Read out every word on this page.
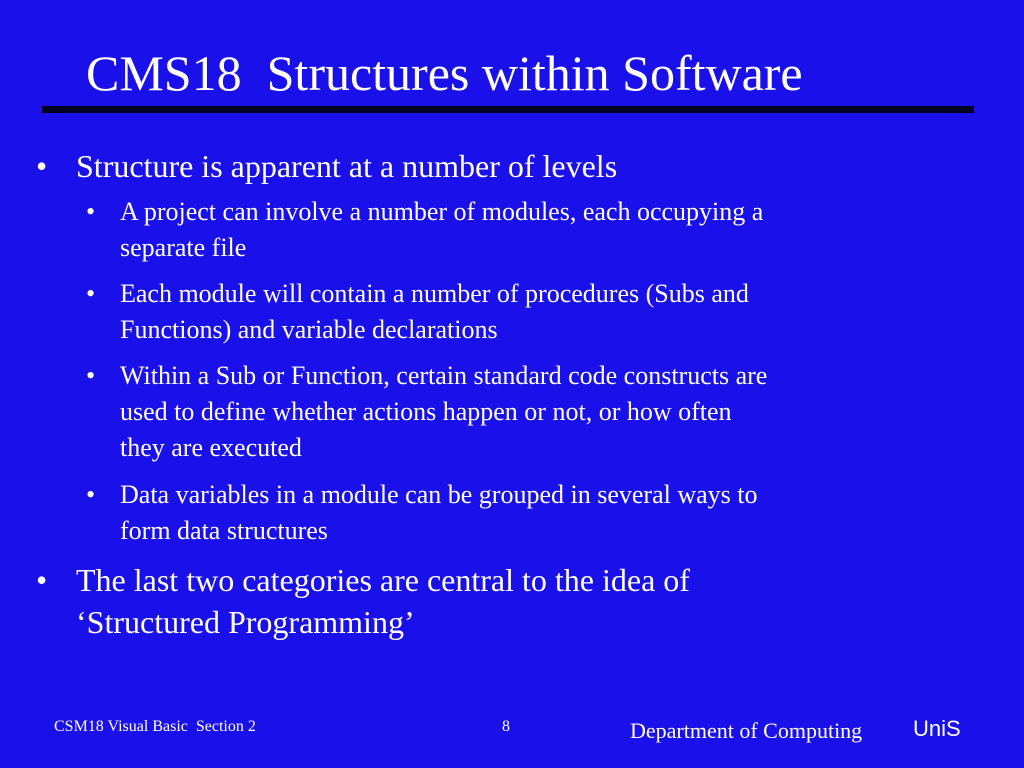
CMS18  Structures within Software
• Structure is apparent at a number of levels
• A project can involve a number of modules, each occupying a
separate file
• Each module will contain a number of procedures (Subs and
Functions) and variable declarations
• Within a Sub or Function, certain standard code constructs are
used to define whether actions happen or not, or how often
they are executed
• Data variables in a module can be grouped in several ways to
form data structures
• The last two categories are central to the idea of
‘Structured Programming’
CSM18 Visual Basic  Section 2	8	Department of Computing UniS
